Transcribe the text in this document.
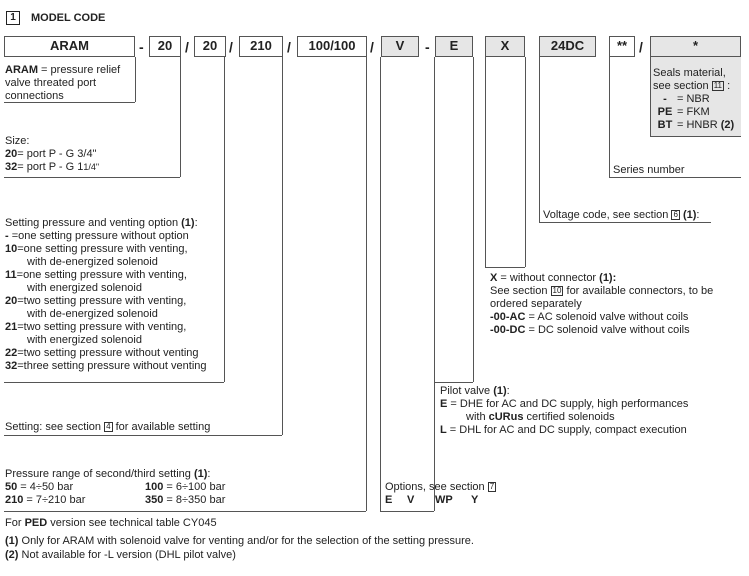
1	MODEL CODE
ARAM	-	20 /	20 /	210	/	100/100	/	V	-	E	X	24DC	** /	*
ARAM = pressure relief
valve threated port
connections
Size:
20= port P - G 3/4"
32= port P - G 11/4"
Setting pressure and venting option (1):
- =one setting pressure without option
10=one setting pressure with venting,
with de-energized solenoid
11=one setting pressure with venting,
with energized solenoid
20=two setting pressure with venting,
with de-energized solenoid
21=two setting pressure with venting,
with energized solenoid
22=two setting pressure without venting
32=three setting pressure without venting
Setting: see section 4 for available setting
Pressure range of second/third setting (1):
50 = 4÷50 bar	100 = 6÷100 bar
210 = 7÷210 bar	350 = 8÷350 bar
Options, see section 7
E V WP Y
Pilot valve (1):
E = DHE for AC and DC supply, high performances
with cURus certified solenoids
L = DHL for AC and DC supply, compact execution
X = without connector (1):
See section 10 for available connectors, to be
ordered separately
-00-AC = AC solenoid valve without coils
-00-DC = DC solenoid valve without coils
Voltage code, see section 6 (1):
Series number
Seals material,
see section 11 :
- = NBR
PE = FKM
BT = HNBR (2)
For PED version see technical table CY045
(1) Only for ARAM with solenoid valve for venting and/or for the selection of the setting pressure.
(2) Not available for -L version (DHL pilot valve)
